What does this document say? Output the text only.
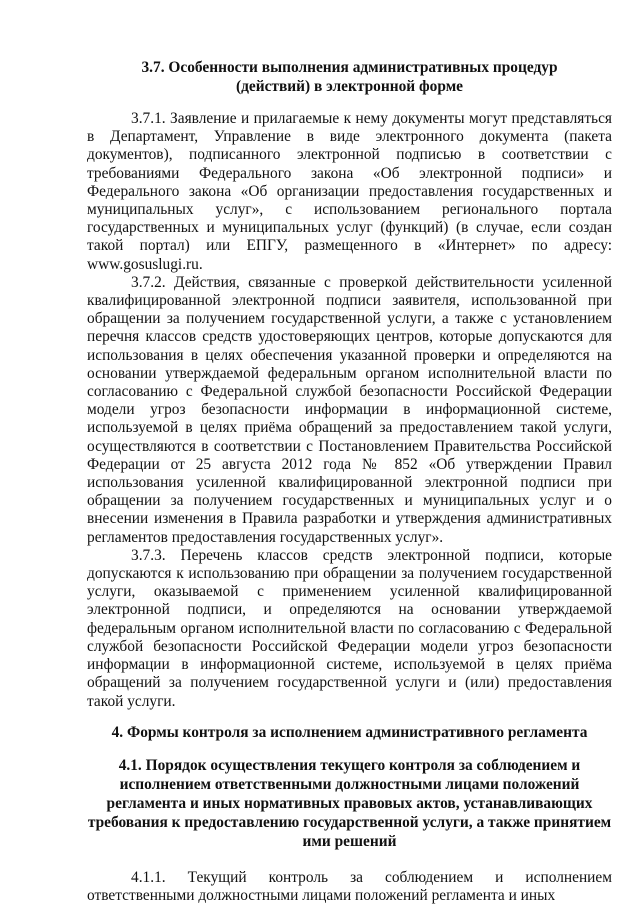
3.7. Особенности выполнения административных процедур
(действий) в электронной форме

3.7.1. Заявление и прилагаемые к нему документы могут представляться в Департамент, Управление в виде электронного документа (пакета документов), подписанного электронной подписью в соответствии с требованиями Федерального закона «Об электронной подписи» и Федерального закона «Об организации предоставления государственных и муниципальных услуг», с использованием регионального портала государственных и муниципальных услуг (функций) (в случае, если создан такой портал) или ЕПГУ, размещенного в «Интернет» по адресу: www.gosuslugi.ru.

3.7.2. Действия, связанные с проверкой действительности усиленной квалифицированной электронной подписи заявителя, использованной при обращении за получением государственной услуги, а также с установлением перечня классов средств удостоверяющих центров, которые допускаются для использования в целях обеспечения указанной проверки и определяются на основании утверждаемой федеральным органом исполнительной власти по согласованию с Федеральной службой безопасности Российской Федерации модели угроз безопасности информации в информационной системе, используемой в целях приёма обращений за предоставлением такой услуги, осуществляются в соответствии с Постановлением Правительства Российской Федерации от 25 августа 2012 года № 852 «Об утверждении Правил использования усиленной квалифицированной электронной подписи при обращении за получением государственных и муниципальных услуг и о внесении изменения в Правила разработки и утверждения административных регламентов предоставления государственных услуг».

3.7.3. Перечень классов средств электронной подписи, которые допускаются к использованию при обращении за получением государственной услуги, оказываемой с применением усиленной квалифицированной электронной подписи, и определяются на основании утверждаемой федеральным органом исполнительной власти по согласованию с Федеральной службой безопасности Российской Федерации модели угроз безопасности информации в информационной системе, используемой в целях приёма обращений за получением государственной услуги и (или) предоставления такой услуги.

4. Формы контроля за исполнением административного регламента
4.1. Порядок осуществления текущего контроля за соблюдением и
исполнением ответственными должностными лицами положений
регламента и иных нормативных правовых актов, устанавливающих
требования к предоставлению государственной услуги, а также принятием
ими решений

4.1.1. Текущий контроль за соблюдением и исполнением ответственными должностными лицами положений регламента и иных
